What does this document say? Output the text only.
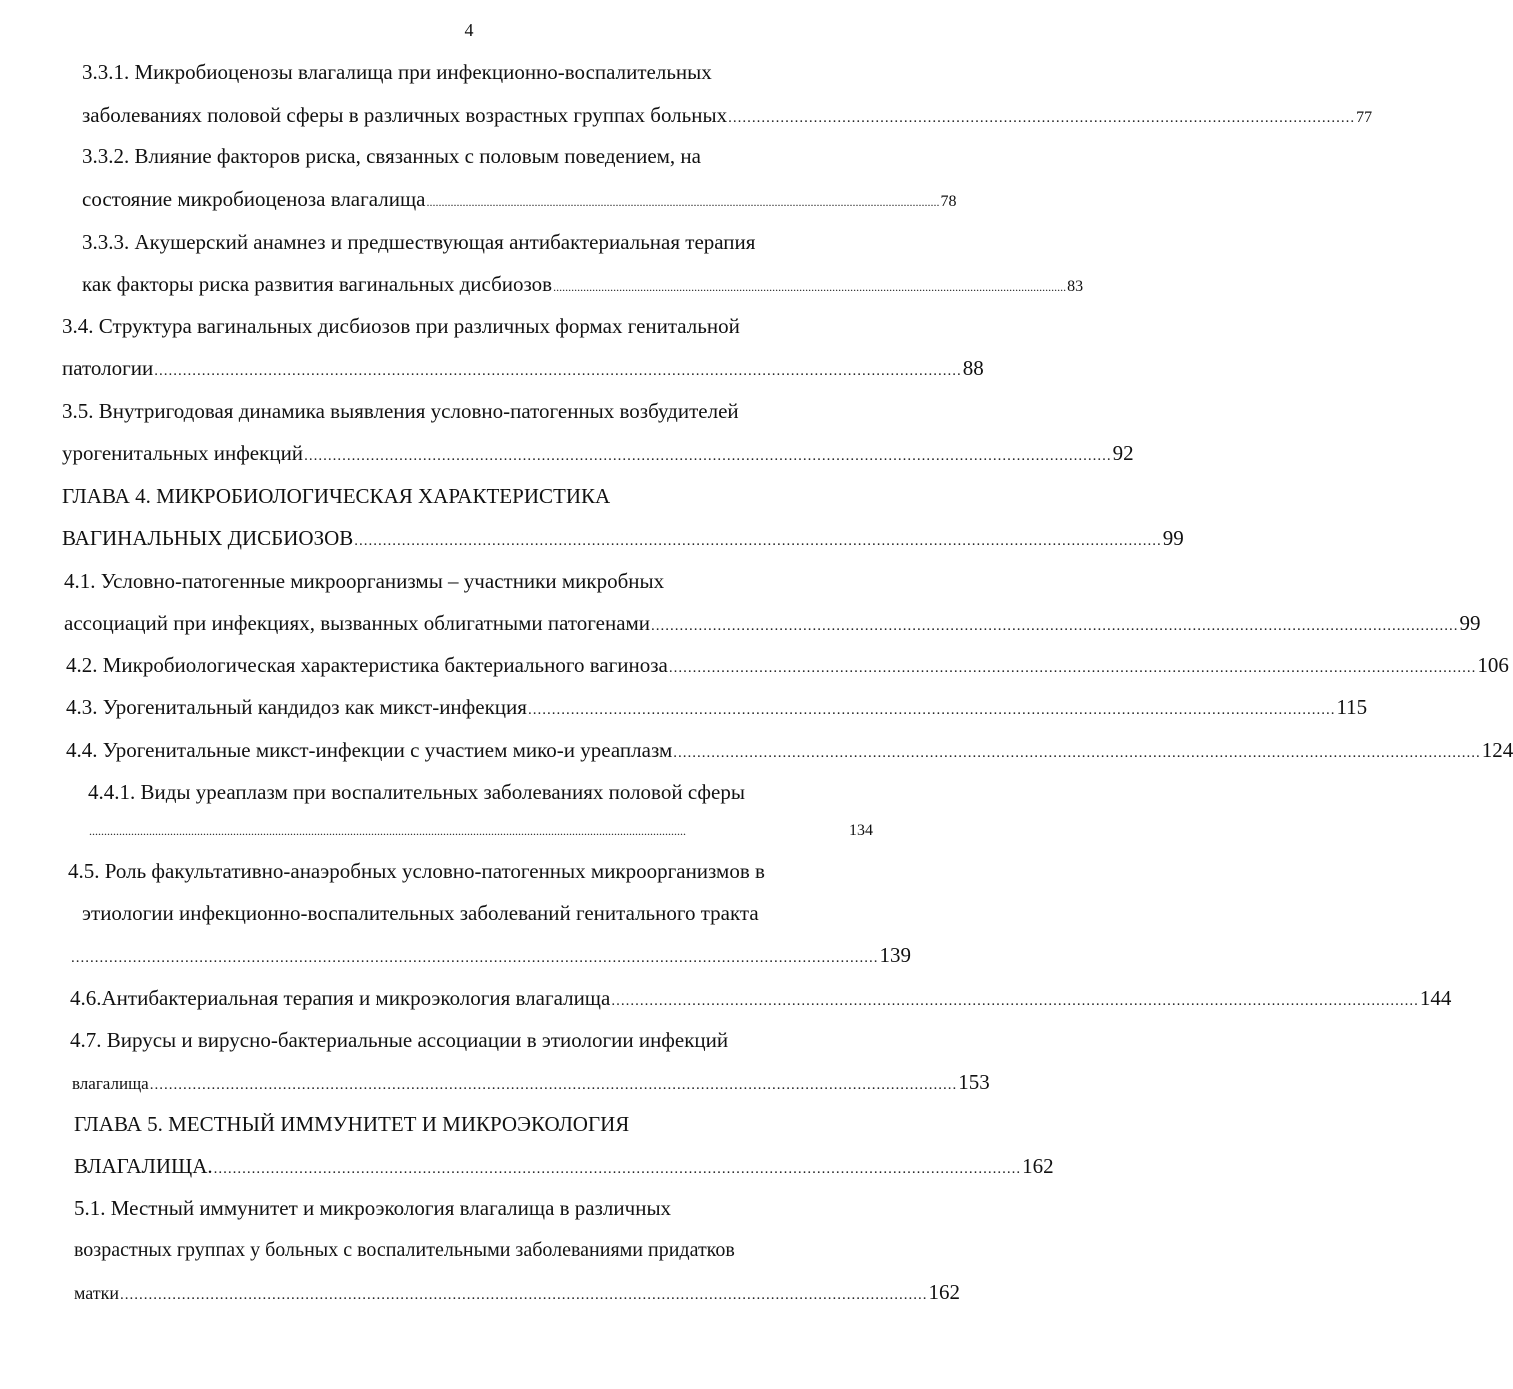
4
3.3.1. Микробиоценозы влагалища при инфекционно-воспалительных
заболеваниях половой сферы в различных возрастных группах больных .................................................................................................................................... 77
3.3.2. Влияние факторов риска, связанных с половым поведением, на
состояние микробиоценоза влагалища ........................................................................................................................................................................... 78
3.3.3. Акушерский анамнез и предшествующая антибактериальная терапия
как факторы риска развития вагинальных дисбиозов ........................................................................................................................................................................... 83
3.4. Структура вагинальных дисбиозов при различных формах генитальной
патологии .......................................................................................................................................................................... 88
3.5. Внутригодовая динамика выявления условно-патогенных возбудителей
урогенитальных инфекций .......................................................................................................................................................................... 92
ГЛАВА 4. МИКРОБИОЛОГИЧЕСКАЯ ХАРАКТЕРИСТИКА
ВАГИНАЛЬНЫХ ДИСБИОЗОВ .......................................................................................................................................................................... 99
4.1. Условно-патогенные микроорганизмы – участники микробных
ассоциаций при инфекциях, вызванных облигатными патогенами .......................................................................................................................................................................... 99
4.2. Микробиологическая характеристика бактериального вагиноза .......................................................................................................................................................................... 106
4.3. Урогенитальный кандидоз как микст-инфекция .......................................................................................................................................................................... 115
4.4. Урогенитальные микст-инфекции с участием мико-и уреаплазм .......................................................................................................................................................................... 124
4.4.1. Виды уреаплазм при воспалительных заболеваниях половой сферы
.......................................................................................................................................................................................................	134
4.5. Роль факультативно-анаэробных условно-патогенных микроорганизмов в
этиологии инфекционно-воспалительных заболеваний генитального тракта
.......................................................................................................................................................................... 139
4.6.Антибактериальная терапия и микроэкология влагалища .......................................................................................................................................................................... 144
4.7. Вирусы и вирусно-бактериальные ассоциации в этиологии инфекций
влагалища .......................................................................................................................................................................... 153
ГЛАВА 5. МЕСТНЫЙ ИММУНИТЕТ И МИКРОЭКОЛОГИЯ
ВЛАГАЛИЩА. .......................................................................................................................................................................... 162
5.1. Местный иммунитет и микроэкология влагалища в различных
возрастных группах у больных с воспалительными заболеваниями придатков
матки .......................................................................................................................................................................... 162
